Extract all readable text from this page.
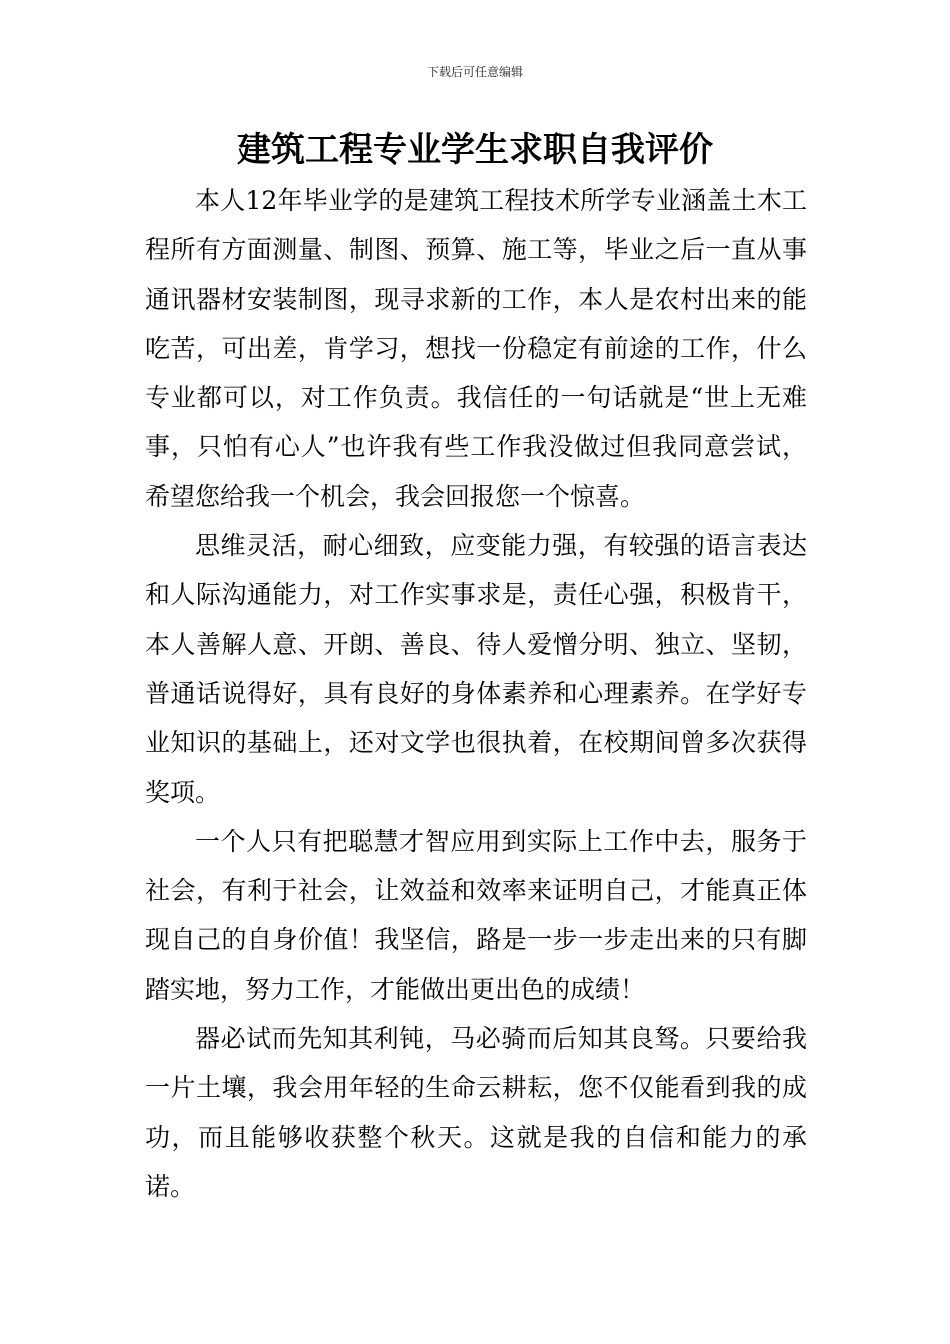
下载后可任意编辑
建筑工程专业学生求职自我评价

本人12年毕业学的是建筑工程技术所学专业涵盖土木工程所有方面测量、制图、预算、施工等，毕业之后一直从事通讯器材安装制图，现寻求新的工作，本人是农村出来的能吃苦，可出差，肯学习，想找一份稳定有前途的工作，什么专业都可以，对工作负责。我信任的一句话就是“世上无难事，只怕有心人”也许我有些工作我没做过但我同意尝试，希望您给我一个机会，我会回报您一个惊喜。

思维灵活，耐心细致，应变能力强，有较强的语言表达和人际沟通能力，对工作实事求是，责任心强，积极肯干，本人善解人意、开朗、善良、待人爱憎分明、独立、坚韧，普通话说得好，具有良好的身体素养和心理素养。在学好专业知识的基础上，还对文学也很执着，在校期间曾多次获得奖项。

一个人只有把聪慧才智应用到实际上工作中去，服务于社会，有利于社会，让效益和效率来证明自己，才能真正体现自己的自身价值！我坚信，路是一步一步走出来的只有脚踏实地，努力工作，才能做出更出色的成绩！

器必试而先知其利钝，马必骑而后知其良驽。只要给我一片土壤，我会用年轻的生命云耕耘，您不仅能看到我的成功，而且能够收获整个秋天。这就是我的自信和能力的承诺。
